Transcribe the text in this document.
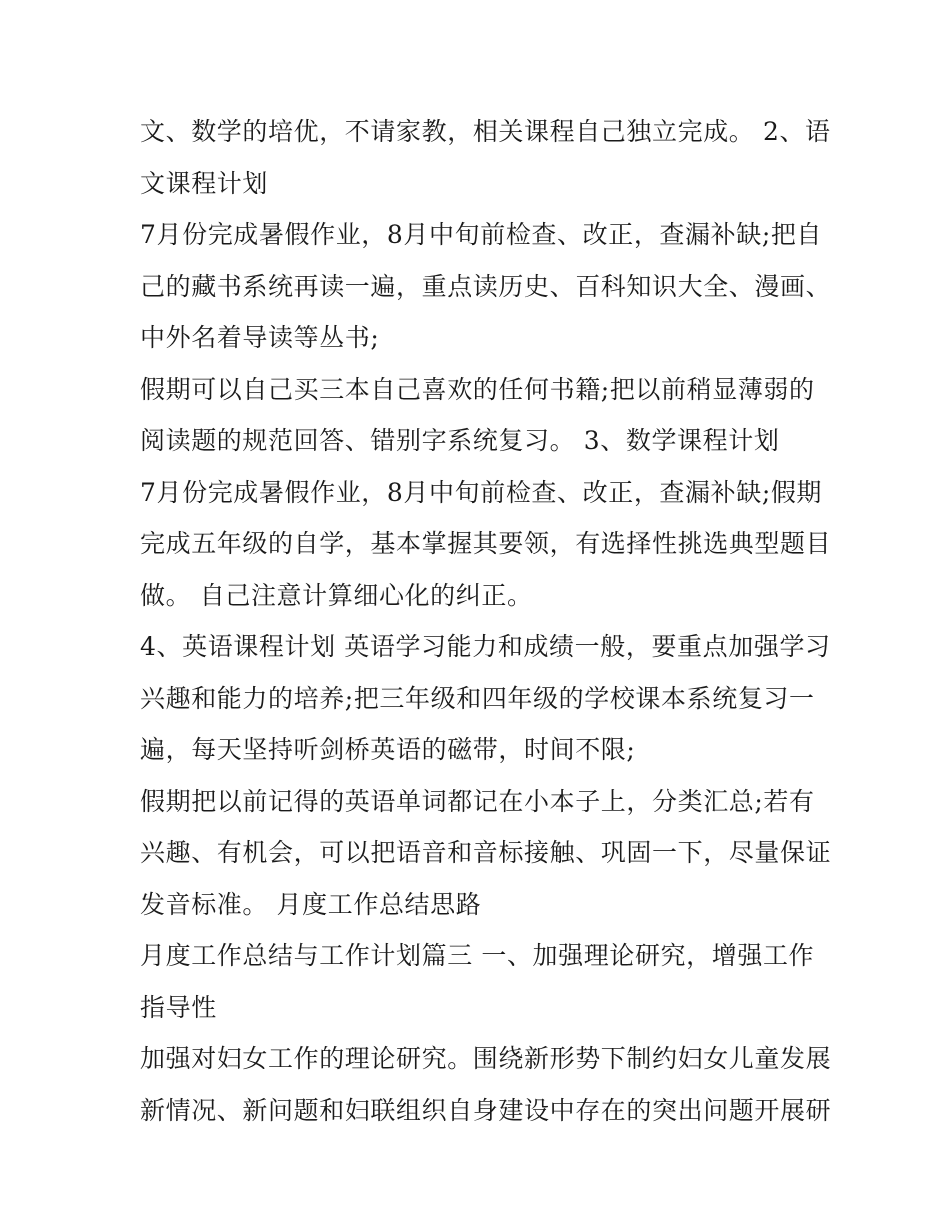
文、数学的培优，不请家教，相关课程自己独立完成。 2、语
文课程计划
7月份完成暑假作业，8月中旬前检查、改正，查漏补缺;把自
己的藏书系统再读一遍，重点读历史、百科知识大全、漫画、
中外名着导读等丛书;
假期可以自己买三本自己喜欢的任何书籍;把以前稍显薄弱的
阅读题的规范回答、错别字系统复习。 3、数学课程计划
7月份完成暑假作业，8月中旬前检查、改正，查漏补缺;假期
完成五年级的自学，基本掌握其要领，有选择性挑选典型题目
做。 自己注意计算细心化的纠正。
4、英语课程计划 英语学习能力和成绩一般，要重点加强学习
兴趣和能力的培养;把三年级和四年级的学校课本系统复习一
遍，每天坚持听剑桥英语的磁带，时间不限;
假期把以前记得的英语单词都记在小本子上，分类汇总;若有
兴趣、有机会，可以把语音和音标接触、巩固一下，尽量保证
发音标准。 月度工作总结思路
月度工作总结与工作计划篇三 一、加强理论研究，增强工作
指导性
加强对妇女工作的理论研究。围绕新形势下制约妇女儿童发展
新情况、新问题和妇联组织自身建设中存在的突出问题开展研
